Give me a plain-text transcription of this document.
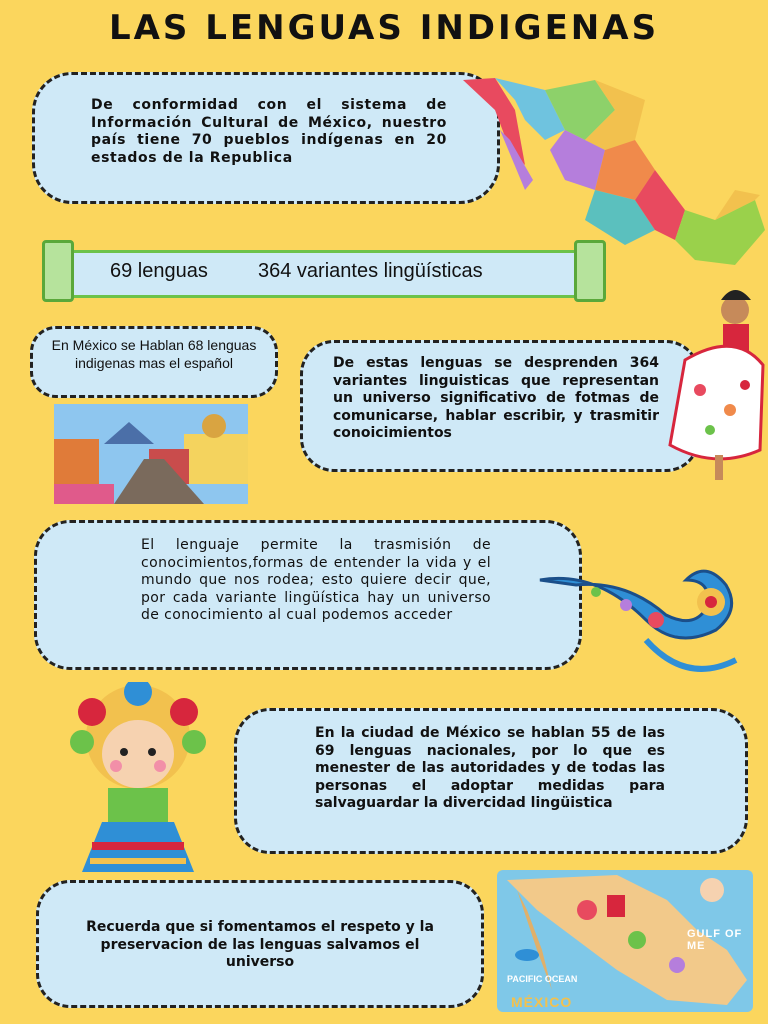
LAS LENGUAS INDIGENAS
De conformidad con el sistema de Información Cultural de México, nuestro país tiene 70 pueblos indígenas en 20 estados de la Republica
69 lenguas	364 variantes lingüísticas
En México se Hablan 68 lenguas indigenas mas el español	De estas lenguas se desprenden 364 variantes linguisticas que representan un universo significativo de fotmas de comunicarse, hablar escribir, y trasmitir conoicimientos
El lenguaje permite la trasmisión de conocimientos,formas de entender la vida y el mundo que nos rodea; esto quiere decir que, por cada variante lingüística hay un universo de conocimiento al cual podemos acceder
En la ciudad de México se hablan 55 de las 69 lenguas nacionales, por lo que es menester de las autoridades y de todas las personas el adoptar medidas para salvaguardar la divercidad lingüistica
Recuerda que si fomentamos el respeto y la preservacion de las lenguas salvamos el universo
GULF OF ME
PACIFIC OCEAN
MÉXICO
